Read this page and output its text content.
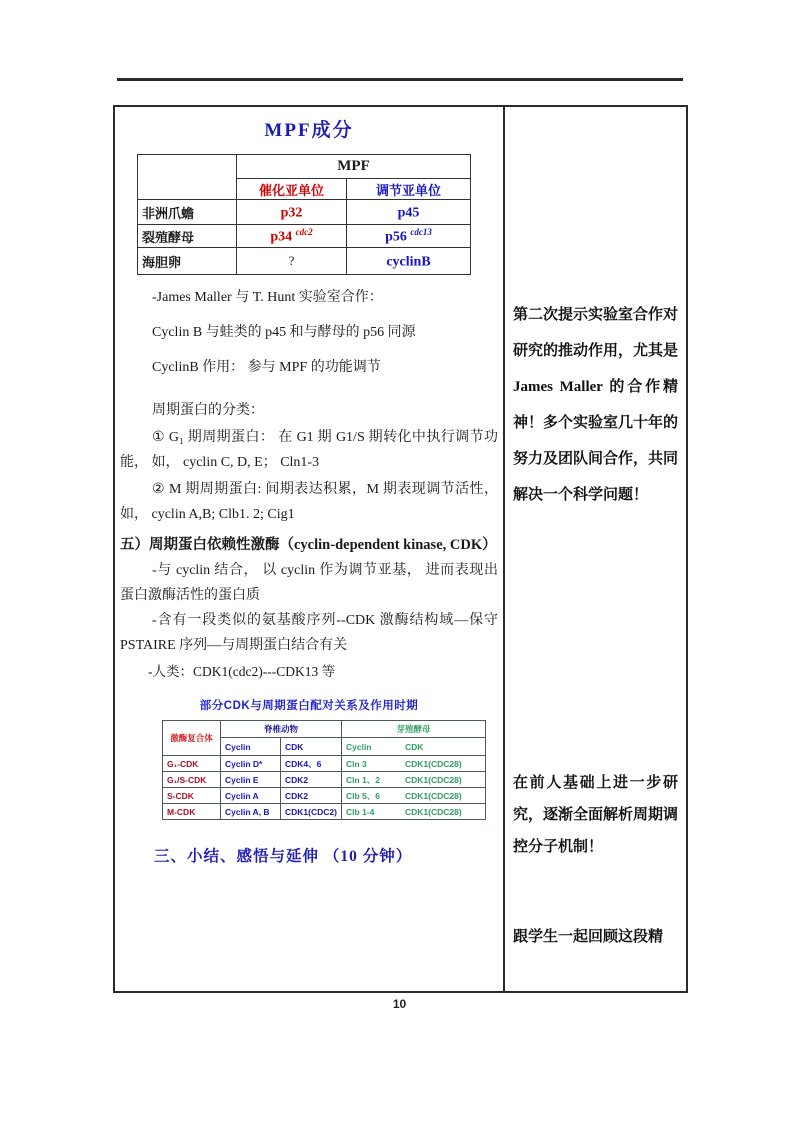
MPF成分
	MPF	
	催化亚单位	调节亚单位
非洲爪蟾	p32	p45
裂殖酵母	p34 $^{cdc2}$	p56 $^{cdc13}$
海胆卵	?	cyclinB

-James Maller 与 T. Hunt 实验室合作：

Cyclin B 与蛙类的 p45 和与酵母的 p56 同源

CyclinB 作用： 参与 MPF 的功能调节

周期蛋白的分类：

① G₁ 期周期蛋白： 在 G1 期 G1/S 期转化中执行调节功能， 如， cyclin C, D, E； Cln1-3

② M 期周期蛋白: 间期表达积累，M 期表现调节活性， 如， cyclin A,B; Clb1. 2; Cig1

五）周期蛋白依赖性激酶（cyclin-dependent kinase, CDK）

-与 cyclin 结合， 以 cyclin 作为调节亚基， 进而表现出蛋白激酶活性的蛋白质

-含有一段类似的氨基酸序列--CDK 激酶结构域—保守 PSTAIRE 序列—与周期蛋白结合有关

-人类：CDK1(cdc2)---CDK13 等

部分CDK与周期蛋白配对关系及作用时期
激酶复合体	脊椎动物		芽殖酵母	
	Cyclin	CDK	Cyclin	CDK
G₁-CDK	Cyclin D*	CDK4、6	Cln 3	CDK1(CDC28)
G₁/S-CDK	Cyclin E	CDK2	Cln 1、2	CDK1(CDC28)
S-CDK	Cyclin A	CDK2	Clb 5、6	CDK1(CDC28)
M-CDK	Cyclin A, B	CDK1(CDC2)	Clb 1-4	CDK1(CDC28)
三、小结、感悟与延伸 （10 分钟）

第二次提示实验室合作对研究的推动作用，尤其是 James Maller 的合作精神！多个实验室几十年的努力及团队间合作，共同解决一个科学问题！

在前人基础上进一步研究，逐渐全面解析周期调控分子机制！

跟学生一起回顾这段精

10
